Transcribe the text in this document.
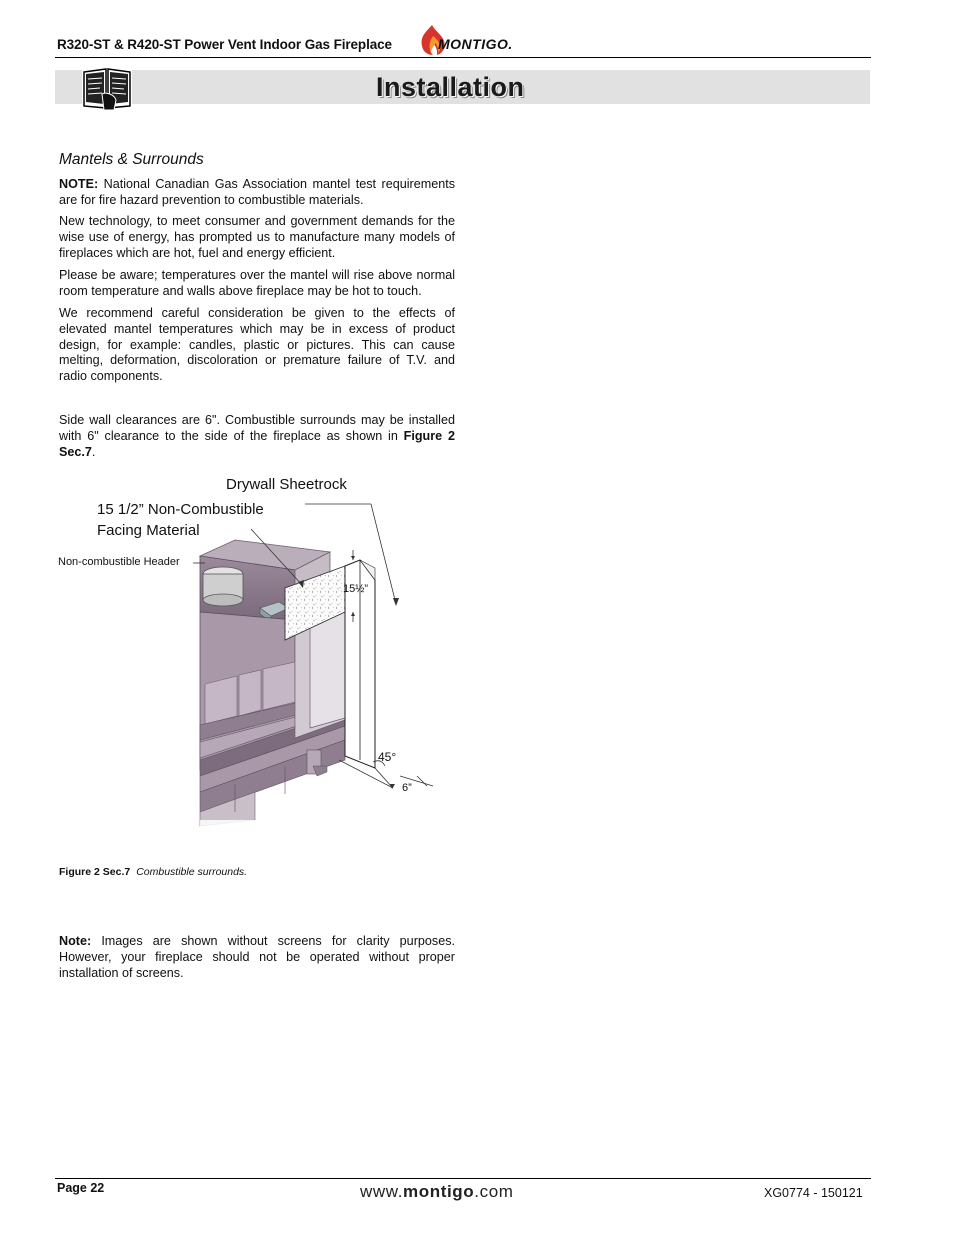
R320-ST & R420-ST Power Vent Indoor Gas Fireplace	MONTIGO.
Installation
Mantels & Surrounds

NOTE: National Canadian Gas Association mantel test requirements are for fire hazard prevention to combustible materials.

New technology, to meet consumer and government demands for the wise use of energy, has prompted us to manufacture many models of fireplaces which are hot, fuel and energy efficient.

Please be aware; temperatures over the mantel will rise above normal room temperature and walls above fireplace may be hot to touch.

We recommend careful consideration be given to the effects of elevated mantel temperatures which may be in excess of product design, for example: candles, plastic or pictures. This can cause melting, deformation, discoloration or premature failure of T.V. and radio components.

Side wall clearances are 6". Combustible surrounds may be installed with 6" clearance to the side of the fireplace as shown in Figure 2 Sec.7.

Drywall Sheetrock
15 1/2” Non-Combustible
Facing Material
Non-combustible Header
15½”
45°
6”
Figure 2 Sec.7 Combustible surrounds.

Note: Images are shown without screens for clarity purposes. However, your fireplace should not be operated without proper installation of screens.

Page 22	www.montigo.com	XG0774 - 150121
